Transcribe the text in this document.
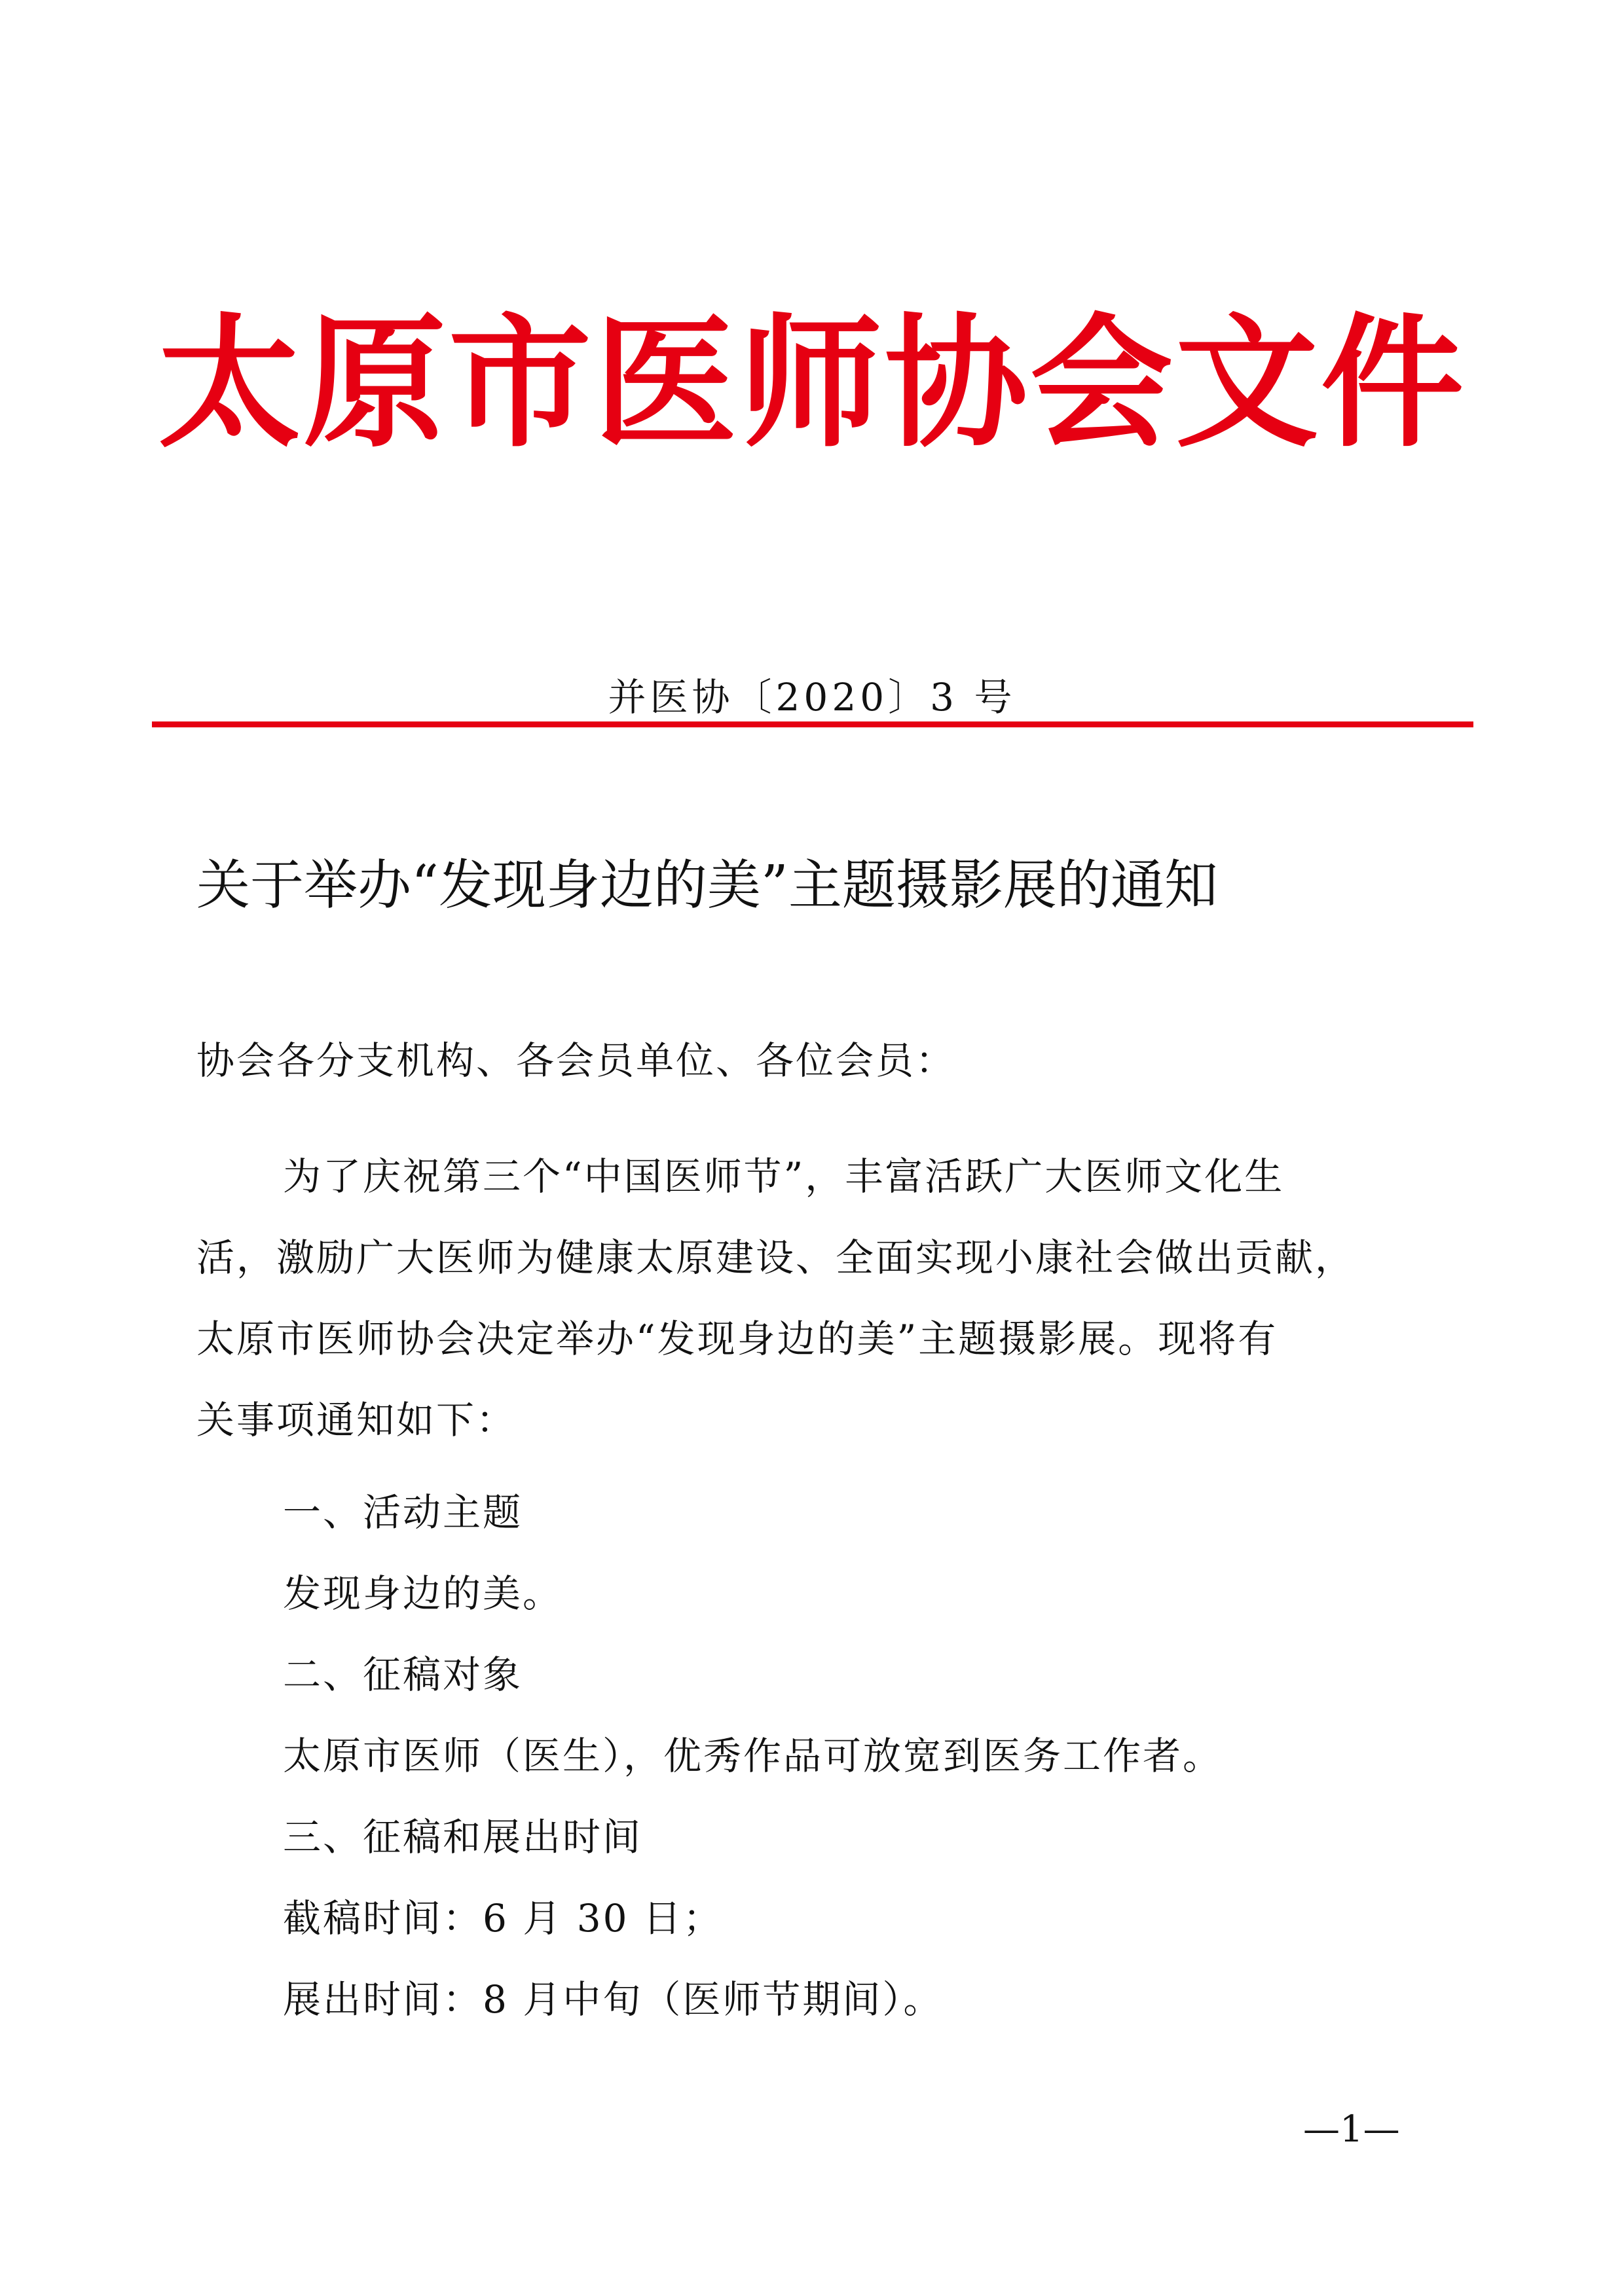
太原市医师协会文件
并医协〔2020〕3 号
关于举办“发现身边的美”主题摄影展的通知
协会各分支机构、各会员单位、各位会员：
为了庆祝第三个“中国医师节”，丰富活跃广大医师文化生
活，激励广大医师为健康太原建设、全面实现小康社会做出贡献，
太原市医师协会决定举办“发现身边的美”主题摄影展。现将有
关事项通知如下：
一、活动主题
发现身边的美。
二、征稿对象
太原市医师（医生），优秀作品可放宽到医务工作者。
三、征稿和展出时间
截稿时间：6 月 30 日；
展出时间：8 月中旬（医师节期间）。
—1—
